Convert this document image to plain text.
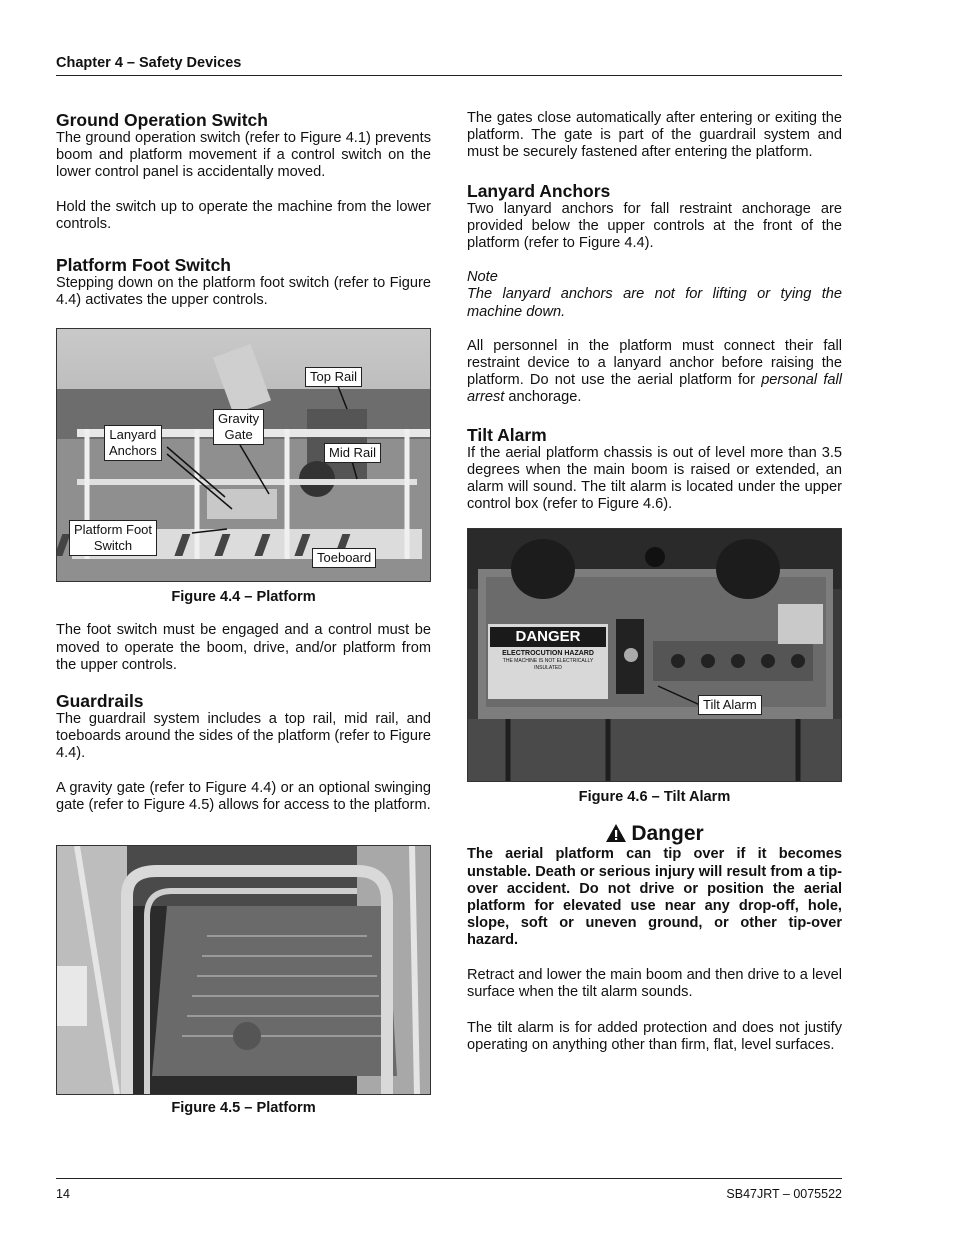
Chapter 4 – Safety Devices
Ground Operation Switch

The ground operation switch (refer to Figure 4.1) prevents boom and platform movement if a control switch on the lower control panel is accidentally moved.

Hold the switch up to operate the machine from the lower controls.

Platform Foot Switch

Stepping down on the platform foot switch (refer to Figure 4.4) activates the upper controls.

Top Rail
Gravity
Gate
Lanyard
Anchors	Mid Rail
Platform Foot
Switch
Toeboard
Figure 4.4 – Platform

The foot switch must be engaged and a control must be moved to operate the boom, drive, and/or platform from the upper controls.

Guardrails

The guardrail system includes a top rail, mid rail, and toeboards around the sides of the platform (refer to Figure 4.4).

A gravity gate (refer to Figure 4.4) or an optional swinging gate (refer to Figure 4.5) allows for access to the platform.

Figure 4.5 – Platform

The gates close automatically after entering or exiting the platform. The gate is part of the guardrail system and must be securely fastened after entering the platform.

Lanyard Anchors

Two lanyard anchors for fall restraint anchorage are provided below the upper controls at the front of the platform (refer to Figure 4.4).

Note

The lanyard anchors are not for lifting or tying the machine down.

All personnel in the platform must connect their fall restraint device to a lanyard anchor before raising the platform. Do not use the aerial platform for personal fall arrest anchorage.

Tilt Alarm

If the aerial platform chassis is out of level more than 3.5 degrees when the main boom is raised or extended, an alarm will sound. The tilt alarm is located under the upper control box (refer to Figure 4.6).

DANGER
ELECTROCUTION HAZARD
THE MACHINE IS NOT ELECTRICALLY INSULATED
Tilt Alarm
Figure 4.6 – Tilt Alarm
Danger

The aerial platform can tip over if it becomes unstable. Death or serious injury will result from a tip-over accident. Do not drive or position the aerial platform for elevated use near any drop-off, hole, slope, soft or uneven ground, or other tip-over hazard.

Retract and lower the main boom and then drive to a level surface when the tilt alarm sounds.

The tilt alarm is for added protection and does not justify operating on anything other than firm, flat, level surfaces.

14	SB47JRT – 0075522
